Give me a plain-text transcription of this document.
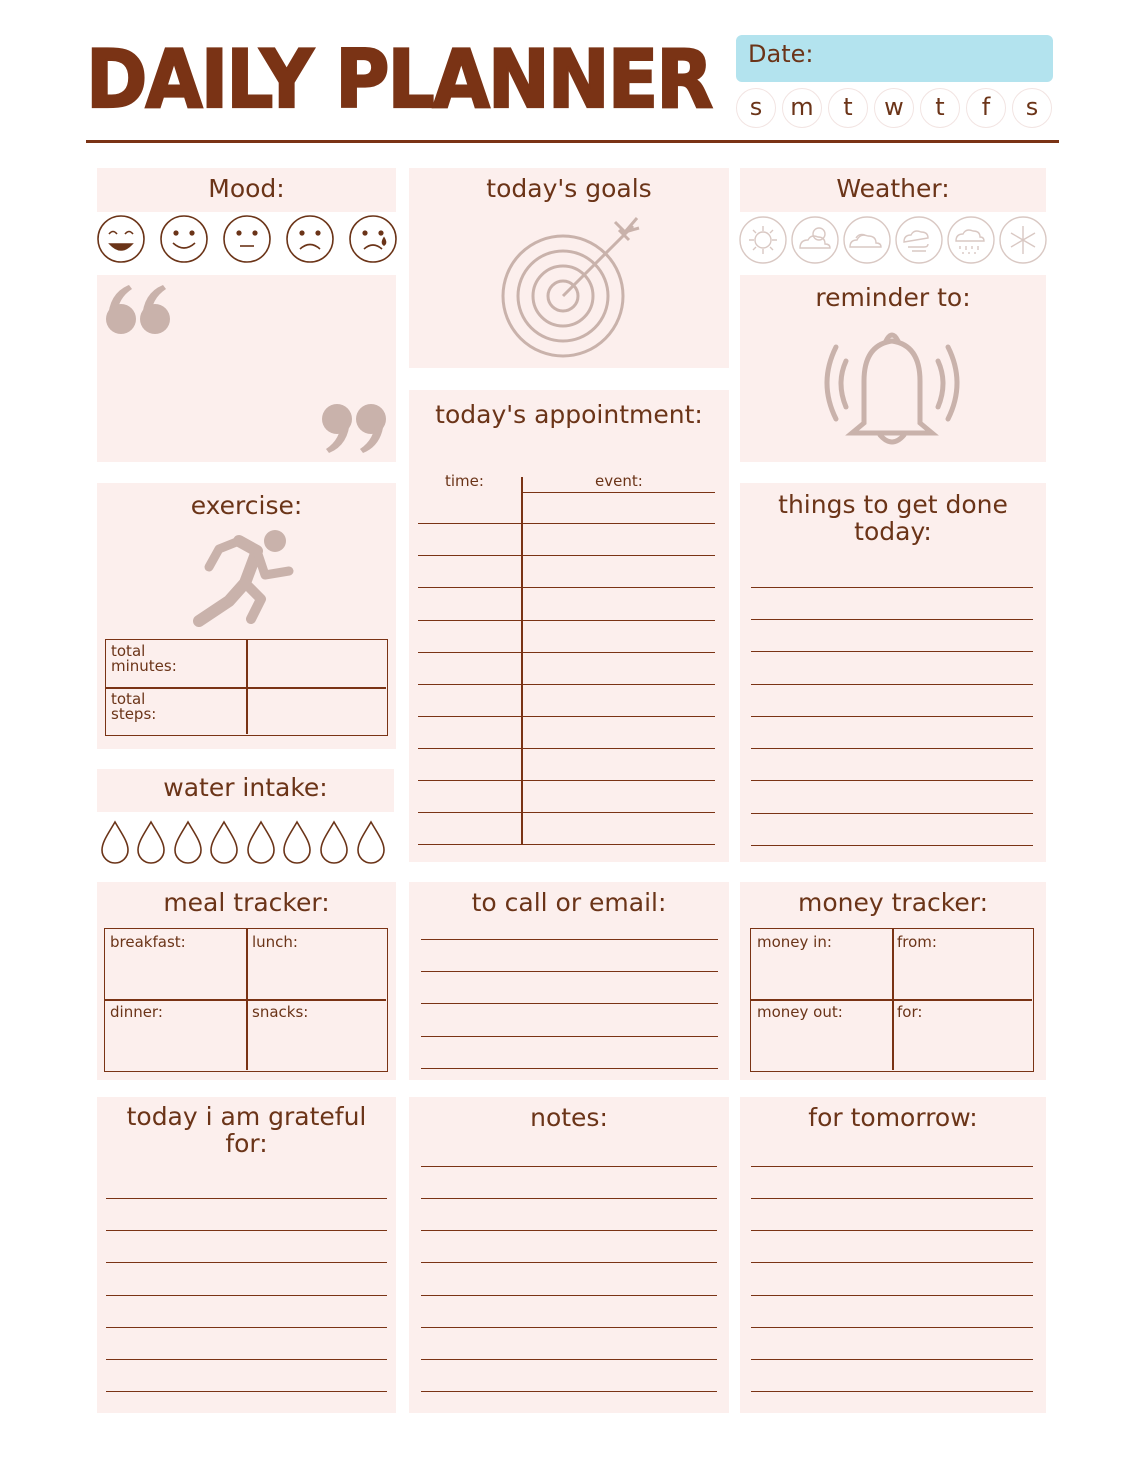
DAILY PLANNER	Date:
s	m	t	w	t	f	s
Mood:	today's goals	Weather:
reminder to:
today's appointment:
time:	event:
exercise:
total minutes:
total steps:
things to get done today:
water intake:
meal tracker:
breakfast:	lunch:
dinner:	snacks:
to call or email:	money tracker:
money in:	from:
money out:	for:
today i am grateful for:
notes:	for tomorrow:
